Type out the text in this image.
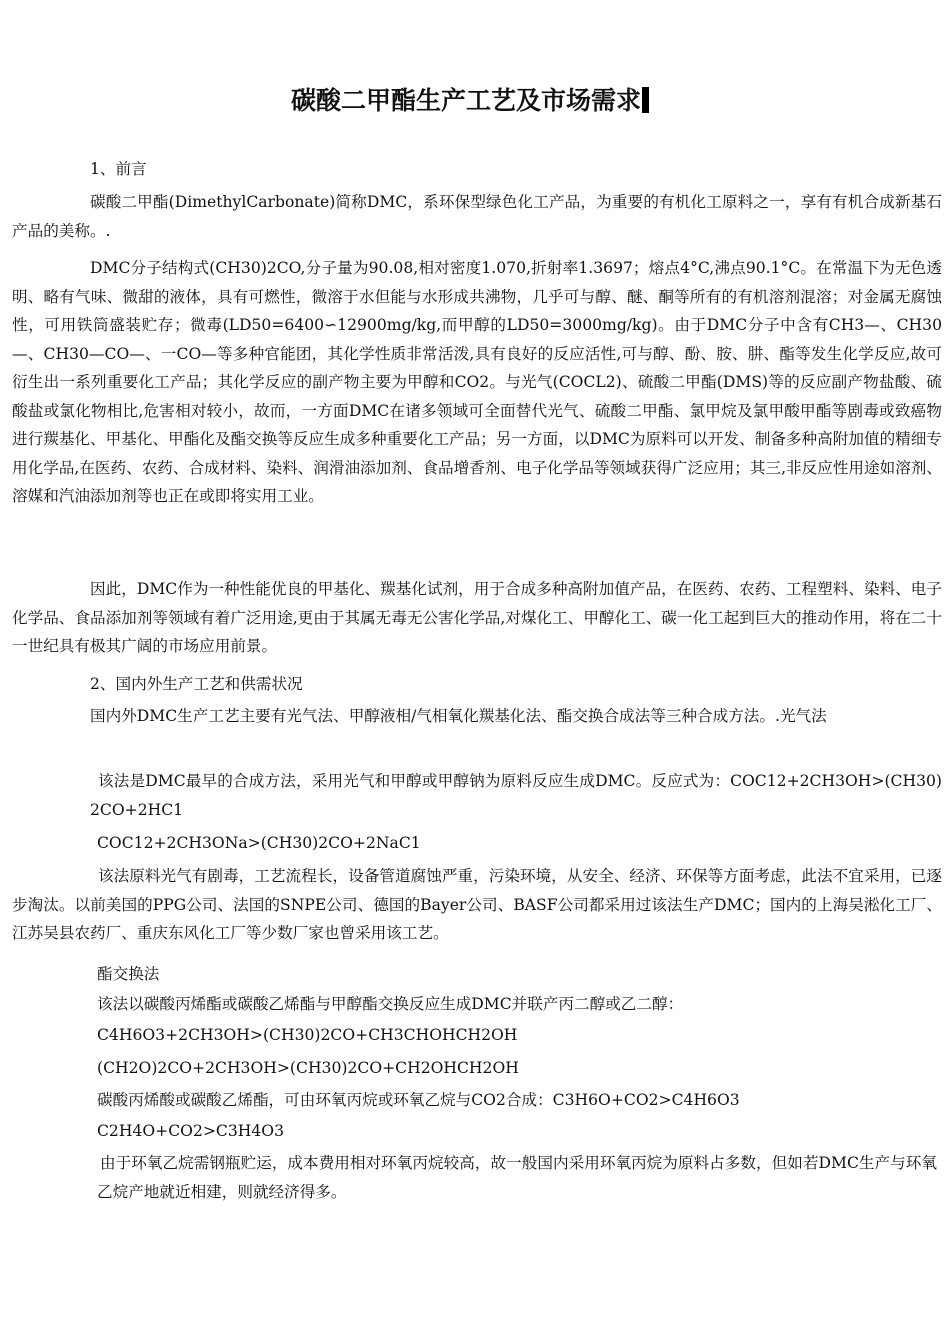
碳酸二甲酯生产工艺及市场需求
1、前言

碳酸二甲酯(DimethylCarbonate)简称DMC，系环保型绿色化工产品，为重要的有机化工原料之一，享有有机合成新基石产品的美称。.

DMC分子结构式(CH30)2CO,分子量为90.08,相对密度1.070,折射率1.3697；熔点4°C,沸点90.1°C。在常温下为无色透明、略有气味、微甜的液体，具有可燃性，微溶于水但能与水形成共沸物，几乎可与醇、醚、酮等所有的有机溶剂混溶；对金属无腐蚀性，可用铁筒盛装贮存；微毒(LD50=6400∽12900mg/kg,而甲醇的LD50=3000mg/kg)。由于DMC分子中含有CH3—、CH30—、CH30—CO—、一CO—等多种官能团，其化学性质非常活泼,具有良好的反应活性,可与醇、酚、胺、肼、酯等发生化学反应,故可衍生出一系列重要化工产品；其化学反应的副产物主要为甲醇和CO2。与光气(COCL2)、硫酸二甲酯(DMS)等的反应副产物盐酸、硫酸盐或氯化物相比,危害相对较小，故而，一方面DMC在诸多领域可全面替代光气、硫酸二甲酯、氯甲烷及氯甲酸甲酯等剧毒或致癌物进行羰基化、甲基化、甲酯化及酯交换等反应生成多种重要化工产品；另一方面，以DMC为原料可以开发、制备多种高附加值的精细专用化学品,在医药、农药、合成材料、染料、润滑油添加剂、食品增香剂、电子化学品等领域获得广泛应用；其三,非反应性用途如溶剂、溶媒和汽油添加剂等也正在或即将实用工业。

因此，DMC作为一种性能优良的甲基化、羰基化试剂，用于合成多种高附加值产品，在医药、农药、工程塑料、染料、电子化学品、食品添加剂等领域有着广泛用途,更由于其属无毒无公害化学品,对煤化工、甲醇化工、碳一化工起到巨大的推动作用，将在二十一世纪具有极其广阔的市场应用前景。

2、国内外生产工艺和供需状况

国内外DMC生产工艺主要有光气法、甲醇液相/气相氧化羰基化法、酯交换合成法等三种合成方法。.光气法

该法是DMC最早的合成方法，采用光气和甲醇或甲醇钠为原料反应生成DMC。反应式为：COC12+2CH3OH>(CH30)2CO+2HC1

COC12+2CH3ONa>(CH30)2CO+2NaC1

该法原料光气有剧毒，工艺流程长，设备管道腐蚀严重，污染环境，从安全、经济、环保等方面考虑，此法不宜采用，已逐步淘汰。以前美国的PPG公司、法国的SNPE公司、德国的Bayer公司、BASF公司都采用过该法生产DMC；国内的上海吴淞化工厂、江苏吴县农药厂、重庆东风化工厂等少数厂家也曾采用该工艺。

酯交换法
该法以碳酸丙烯酯或碳酸乙烯酯与甲醇酯交换反应生成DMC并联产丙二醇或乙二醇：
C4H6O3+2CH3OH>(CH30)2CO+CH3CHOHCH2OH
(CH2O)2CO+2CH3OH>(CH30)2CO+CH2OHCH2OH
碳酸丙烯酸或碳酸乙烯酯，可由环氧丙烷或环氧乙烷与CO2合成：C3H6O+CO2>C4H6O3
C2H4O+CO2>C3H4O3

由于环氧乙烷需钢瓶贮运，成本费用相对环氧丙烷较高，故一般国内采用环氧丙烷为原料占多数，但如若DMC生产与环氧乙烷产地就近相建，则就经济得多。
